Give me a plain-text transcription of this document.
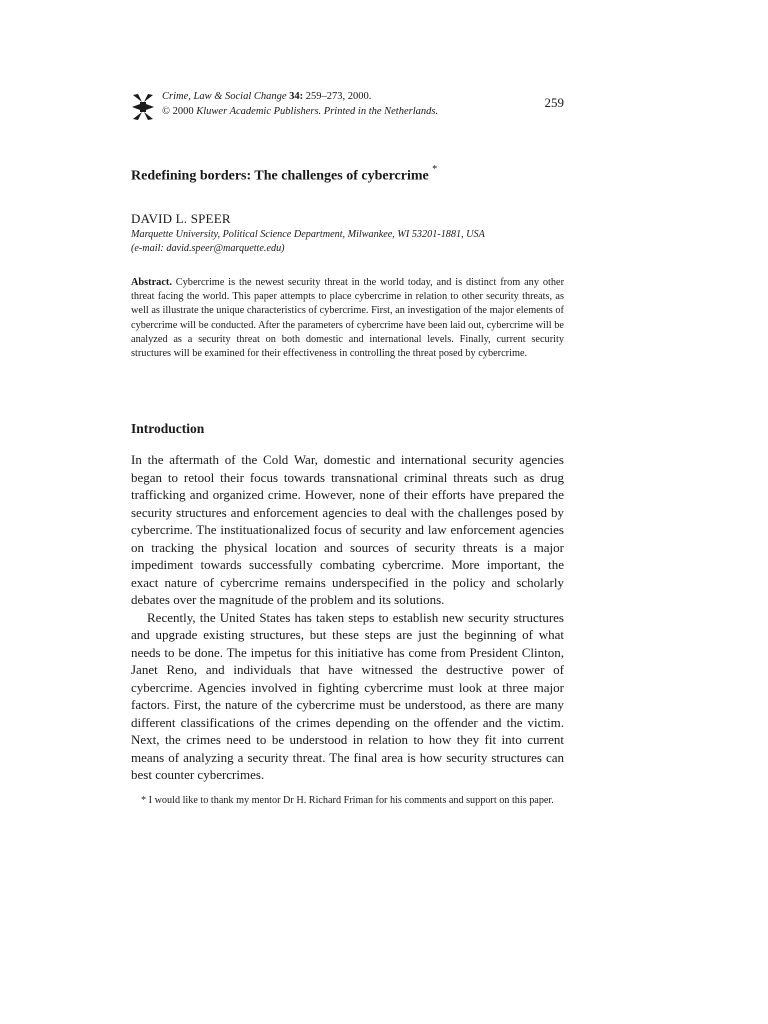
Crime, Law & Social Change 34: 259–273, 2000.
© 2000 Kluwer Academic Publishers. Printed in the Netherlands.
259
Redefining borders: The challenges of cybercrime *
DAVID L. SPEER
Marquette University, Political Science Department, Milwankee, WI 53201-1881, USA
(e-mail: david.speer@marquette.edu)
Abstract. Cybercrime is the newest security threat in the world today, and is distinct from any other threat facing the world. This paper attempts to place cybercrime in relation to other security threats, as well as illustrate the unique characteristics of cybercrime. First, an investigation of the major elements of cybercrime will be conducted. After the parameters of cybercrime have been laid out, cybercrime will be analyzed as a security threat on both domestic and international levels. Finally, current security structures will be examined for their effectiveness in controlling the threat posed by cybercrime.
Introduction

In the aftermath of the Cold War, domestic and international security agencies began to retool their focus towards transnational criminal threats such as drug trafficking and organized crime. However, none of their efforts have prepared the security structures and enforcement agencies to deal with the challenges posed by cybercrime. The instituationalized focus of security and law enforcement agencies on tracking the physical location and sources of security threats is a major impediment towards successfully combating cybercrime. More important, the exact nature of cybercrime remains underspecified in the policy and scholarly debates over the magnitude of the problem and its solutions.

Recently, the United States has taken steps to establish new security structures and upgrade existing structures, but these steps are just the beginning of what needs to be done. The impetus for this initiative has come from President Clinton, Janet Reno, and individuals that have witnessed the destructive power of cybercrime. Agencies involved in fighting cybercrime must look at three major factors. First, the nature of the cybercrime must be understood, as there are many different classifications of the crimes depending on the offender and the victim. Next, the crimes need to be understood in relation to how they fit into current means of analyzing a security threat. The final area is how security structures can best counter cybercrimes.

* I would like to thank my mentor Dr H. Richard Friman for his comments and support on this paper.
